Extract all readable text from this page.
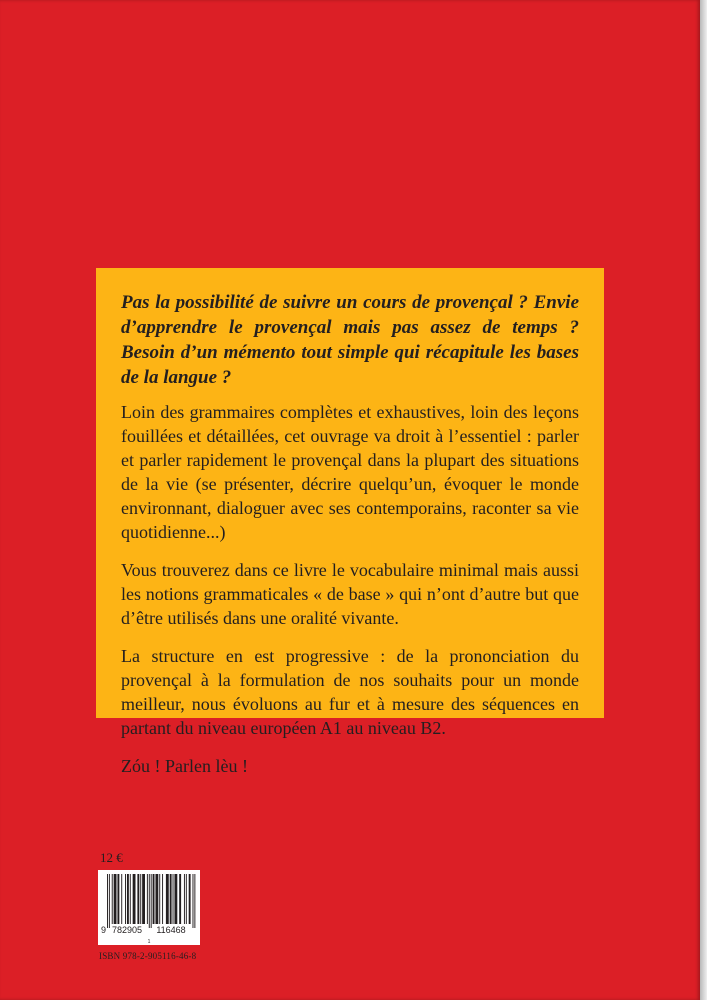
Pas la possibilité de suivre un cours de provençal ? Envie d’apprendre le provençal mais pas assez de temps ? Besoin d’un mémento tout simple qui récapitule les bases de la langue ?

Loin des grammaires complètes et exhaustives, loin des leçons fouillées et détaillées, cet ouvrage va droit à l’essentiel : parler et parler rapidement le provençal dans la plupart des situations de la vie (se présenter, décrire quelqu’un, évoquer le monde environnant, dialoguer avec ses contemporains, raconter sa vie quotidienne...)

Vous trouverez dans ce livre le vocabulaire minimal mais aussi les notions grammaticales « de base » qui n’ont d’autre but que d’être utilisés dans une oralité vivante.

La structure en est progressive : de la prononciation du provençal à la formulation de nos souhaits pour un monde meilleur, nous évoluons au fur et à mesure des séquences en partant du niveau européen A1 au niveau B2.

Zóu ! Parlen lèu !

12 €
9 782905 116468
1
ISBN 978-2-905116-46-8
